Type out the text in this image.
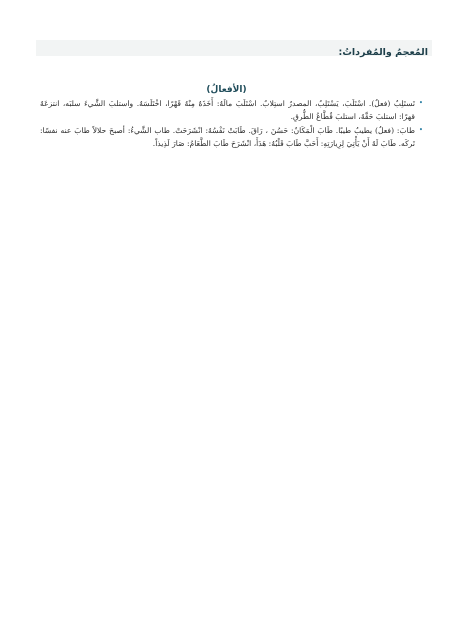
المُعجمُ والمُفرداتُ:
(الأفعالُ)

•
تَستَلِبُ (فعلٌ). اسْتَلَبَ، يَسْتَلِبُ، المصدرُ استِلابٌ. اسْتَلَبَ مالَهُ: أَخَذَهُ مِنْهُ قَهْرًا، اخْتَلَسَهُ. واستلبَ الشَّيءَ سلبَه، انتزعَهُ قهرًا: استلبَ حَقَّهُ، استلبَ قُطَّاعُ الطُّرقِ.

•
طابَ: (فعلٌ) يطيبُ طيبًا. طَابَ الْمَكَانُ: حَسُنَ ، رَاقَ. طَابَتْ نَفْسُهُ: انْشَرَحَتْ. طاب الشَّيءُ: أصبحَ حلالاً طابَ عنه نفسًا: تَركَه. طَابَ لَهُ أَنْ يَأْتِيَ لِزِيارَتِهِ: أَحَبَّ طَابَ قَلْبُهُ: هَدَأَ، انْشَرَحَ طَابَ الطَّعَامُ: صَارَ لَذِيذاً.
